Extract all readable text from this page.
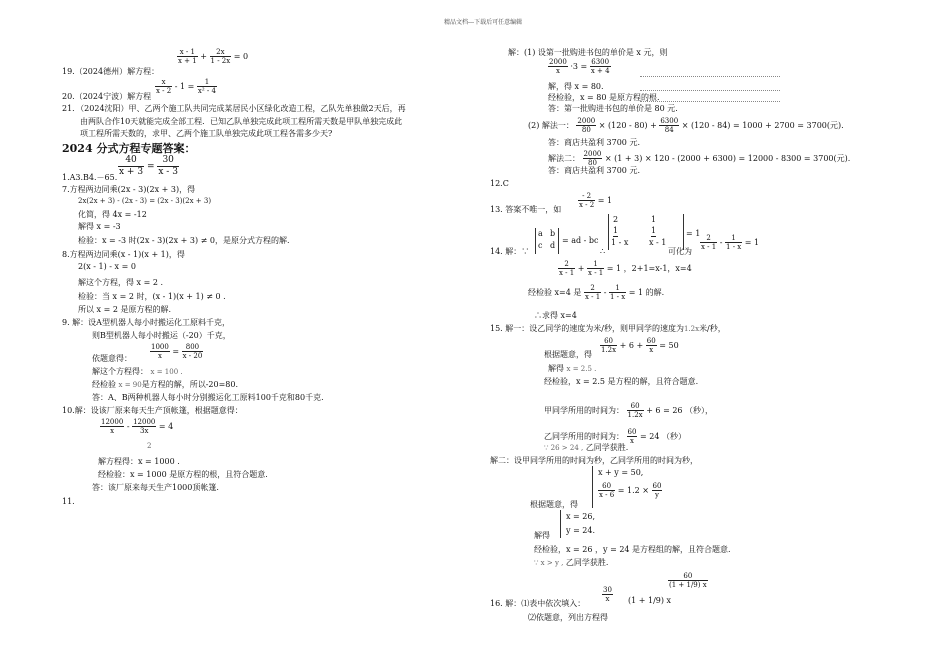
精品文档---下载后可任意编辑
$\frac{x - 1}{x + 1} + \frac{2x}{1 - 2x} = 0$
19.（2024德州）解方程：
$\frac{x}{x - 2} - 1 = \frac{1}{\text{x² - 4}}$
20.（2024宁波）解方程
21．（2024沈阳）甲、乙两个施工队共同完成某居民小区绿化改造工程，乙队先单独做2天后，再
由两队合作10天就能完成全部工程．已知乙队单独完成此项工程所需天数是甲队单独完成此
项工程所需天数的，求甲、乙两个施工队单独完成此项工程各需多少天?
2024 分式方程专题答案：
$\frac{40}{x + 3} = \frac{30}{x - 3}$
1.A3.B4.－65.
7.方程两边同乘(2x - 3)(2x + 3)，得
2x(2x + 3) - (2x - 3) = (2x - 3)(2x + 3)
化简，得 4x = -12
解得 x = -3
检验：x = -3 时(2x - 3)(2x + 3) ≠ 0，是原分式方程的解.
8.方程两边同乘(x - 1)(x + 1)，得
2(x - 1) - x = 0
解这个方程，得 x = 2 .
检验：当 x = 2 时，(x - 1)(x + 1) ≠ 0 .
所以 x = 2 是原方程的解.
9. 解：设A型机器人每小时搬运化工原料千克，
则B型机器人每小时搬运（-20）千克，
依题意得：	$\frac{1000}{x} = \frac{800}{x - 20}$
解这个方程得： x = 100 .
经检验 x = 90是方程的解，所以-20=80.
答：A、B两种机器人每小时分别搬运化工原料100千克和80千克.
10.解：设该厂原来每天生产顶帐篷，根据题意得：
$\frac{12000}{x} - \frac{12000}{3x} = 4$
2
解方程得：x = 1000 .
经检验：x = 1000 是原方程的根，且符合题意.
答：该厂原来每天生产1000顶帐篷.
11.
解：(1) 设第一批购进书包的单价是 x 元，则
$\frac{2000}{x} \cdot 3 = \frac{6300}{x + 4}$
解，得 x = 80.
经检验，x = 80 是原方程的根.
答：第一批购进书包的单价是 80 元.
(2) 解法一： $\frac{2000}{80} \times (120 - 80) + \frac{6300}{84} \times (120 - 84) = 1000 + 2700 = 3700$(元).
答：商店共盈利 3700 元.
解法二： $\frac{2000}{80} \times (1 + 3) \times 120 - (2000 + 6300) = 12000 - 8300 = 3700$(元).
答：商店共盈利 3700 元.
12.C
13. 答案不唯一，如 $\frac{- 2}{x - 2} = 1$
14. 解：∵
a b
c d
= ad - bc
∴
2	1
1
1 - x
1
x - 1
= 1
可化为 $\frac{2}{x - 1} - \frac{1}{1 - x} = 1$
$\frac{2}{x - 1} + \frac{1}{x - 1} = 1$ ，2+1=x-1，x=4
经检验 x=4 是 $\frac{2}{x - 1} - \frac{1}{1 - x} = 1$ 的解.
∴求得 x=4
15. 解一：设乙同学的速度为米/秒，则甲同学的速度为1.2x米/秒，
根据题意，得 $\frac{60}{1.2x} + 6 + \frac{60}{x} = 50$
解得 x = 2.5 .
经检验，x = 2.5 是方程的解，且符合题意.
甲同学所用的时间为： $\frac{60}{1.2x} + 6 = 26$ （秒），
乙同学所用的时间为： $\frac{60}{x} = 24$ （秒）
∵ 26 > 24 , 乙同学获胜.
解二：设甲同学所用的时间为秒，乙同学所用的时间为秒，
x + y = 50,
$\frac{60}{x - 6} = 1.2 \times \frac{60}{y}$
根据题意，得
x = 26,
y = 24.
解得
经检验，x = 26 ，y = 24 是方程组的解，且符合题意.
∵ x > y , 乙同学获胜.
16. 解：⑴表中依次填入： $\frac{30}{x} (1 + 1/9)$ x
$\frac{60}{(1 + 1/9) x}$
⑵依题意，列出方程得
